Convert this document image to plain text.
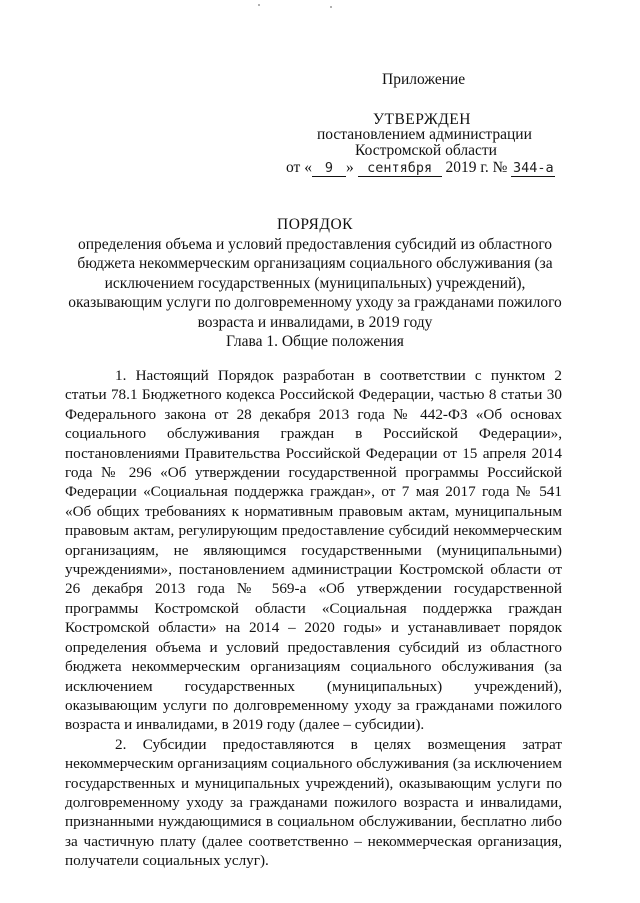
Приложение
УТВЕРЖДЕН
постановлением администрации
Костромской области
от « 9 » сентября 2019 г. № 344-а
ПОРЯДОК
определения объема и условий предоставления субсидий из областного
бюджета некоммерческим организациям социального обслуживания (за
исключением государственных (муниципальных) учреждений),
оказывающим услуги по долговременному уходу за гражданами пожилого
возраста и инвалидами, в 2019 году
Глава 1. Общие положения

1. Настоящий Порядок разработан в соответствии с пунктом 2 статьи 78.1 Бюджетного кодекса Российской Федерации, частью 8 статьи 30 Федерального закона от 28 декабря 2013 года № 442-ФЗ «Об основах социального обслуживания граждан в Российской Федерации», постановлениями Правительства Российской Федерации от 15 апреля 2014 года № 296 «Об утверждении государственной программы Российской Федерации «Социальная поддержка граждан», от 7 мая 2017 года № 541 «Об общих требованиях к нормативным правовым актам, муниципальным правовым актам, регулирующим предоставление субсидий некоммерческим организациям, не являющимся государственными (муниципальными) учреждениями», постановлением администрации Костромской области от 26 декабря 2013 года № 569-а «Об утверждении государственной программы Костромской области «Социальная поддержка граждан Костромской области» на 2014 – 2020 годы» и устанавливает порядок определения объема и условий предоставления субсидий из областного бюджета некоммерческим организациям социального обслуживания (за исключением государственных (муниципальных) учреждений), оказывающим услуги по долговременному уходу за гражданами пожилого возраста и инвалидами, в 2019 году (далее – субсидии).

2. Субсидии предоставляются в целях возмещения затрат некоммерческим организациям социального обслуживания (за исключением государственных и муниципальных учреждений), оказывающим услуги по долговременному уходу за гражданами пожилого возраста и инвалидами, признанными нуждающимися в социальном обслуживании, бесплатно либо за частичную плату (далее соответственно – некоммерческая организация, получатели социальных услуг).
